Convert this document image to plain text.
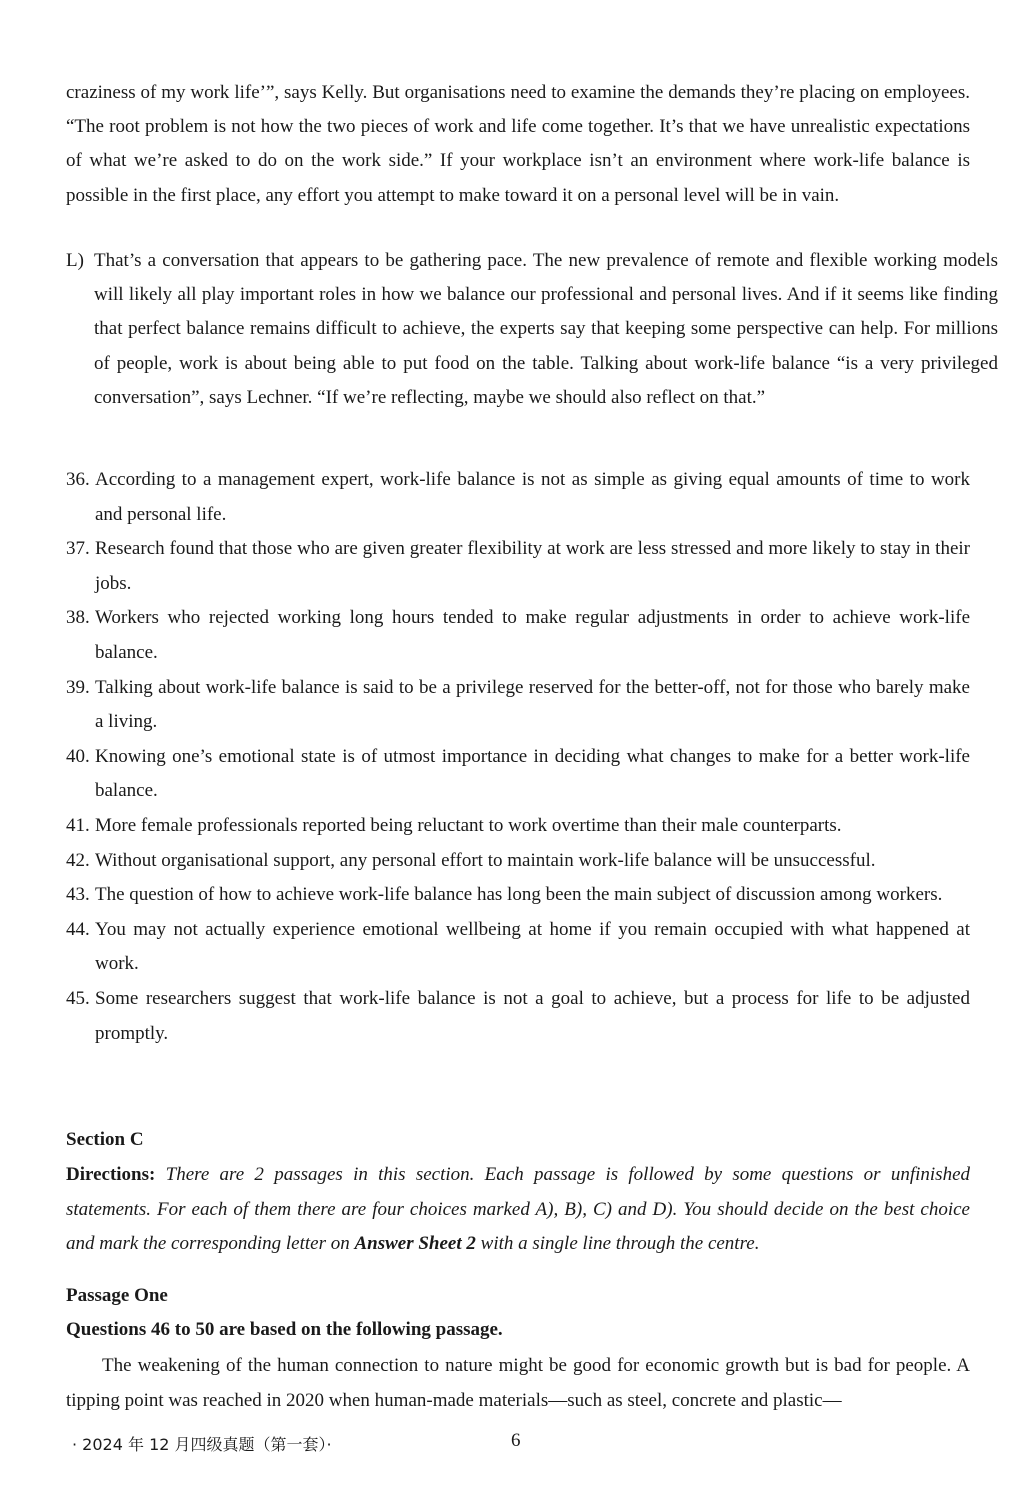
craziness of my work life’”, says Kelly. But organisations need to examine the demands they’re placing on employees. “The root problem is not how the two pieces of work and life come together. It’s that we have unrealistic expectations of what we’re asked to do on the work side.” If your workplace isn’t an environment where work-life balance is possible in the first place, any effort you attempt to make toward it on a personal level will be in vain.
L) That’s a conversation that appears to be gathering pace. The new prevalence of remote and flexible working models will likely all play important roles in how we balance our professional and personal lives. And if it seems like finding that perfect balance remains difficult to achieve, the experts say that keeping some perspective can help. For millions of people, work is about being able to put food on the table. Talking about work-life balance “is a very privileged conversation”, says Lechner. “If we’re reflecting, maybe we should also reflect on that.”
36. According to a management expert, work-life balance is not as simple as giving equal amounts of time to work and personal life.
37. Research found that those who are given greater flexibility at work are less stressed and more likely to stay in their jobs.
38. Workers who rejected working long hours tended to make regular adjustments in order to achieve work-life balance.
39. Talking about work-life balance is said to be a privilege reserved for the better-off, not for those who barely make a living.
40. Knowing one’s emotional state is of utmost importance in deciding what changes to make for a better work-life balance.
41. More female professionals reported being reluctant to work overtime than their male counterparts.
42. Without organisational support, any personal effort to maintain work-life balance will be unsuccessful.
43. The question of how to achieve work-life balance has long been the main subject of discussion among workers.
44. You may not actually experience emotional wellbeing at home if you remain occupied with what happened at work.
45. Some researchers suggest that work-life balance is not a goal to achieve, but a process for life to be adjusted promptly.
Section C
Directions: There are 2 passages in this section. Each passage is followed by some questions or unfinished statements. For each of them there are four choices marked A), B), C) and D). You should decide on the best choice and mark the corresponding letter on Answer Sheet 2 with a single line through the centre.
Passage One
Questions 46 to 50 are based on the following passage.
The weakening of the human connection to nature might be good for economic growth but is bad for people. A tipping point was reached in 2020 when human-made materials—such as steel, concrete and plastic—
· 2024 年 12 月四级真题（第一套）·	6
